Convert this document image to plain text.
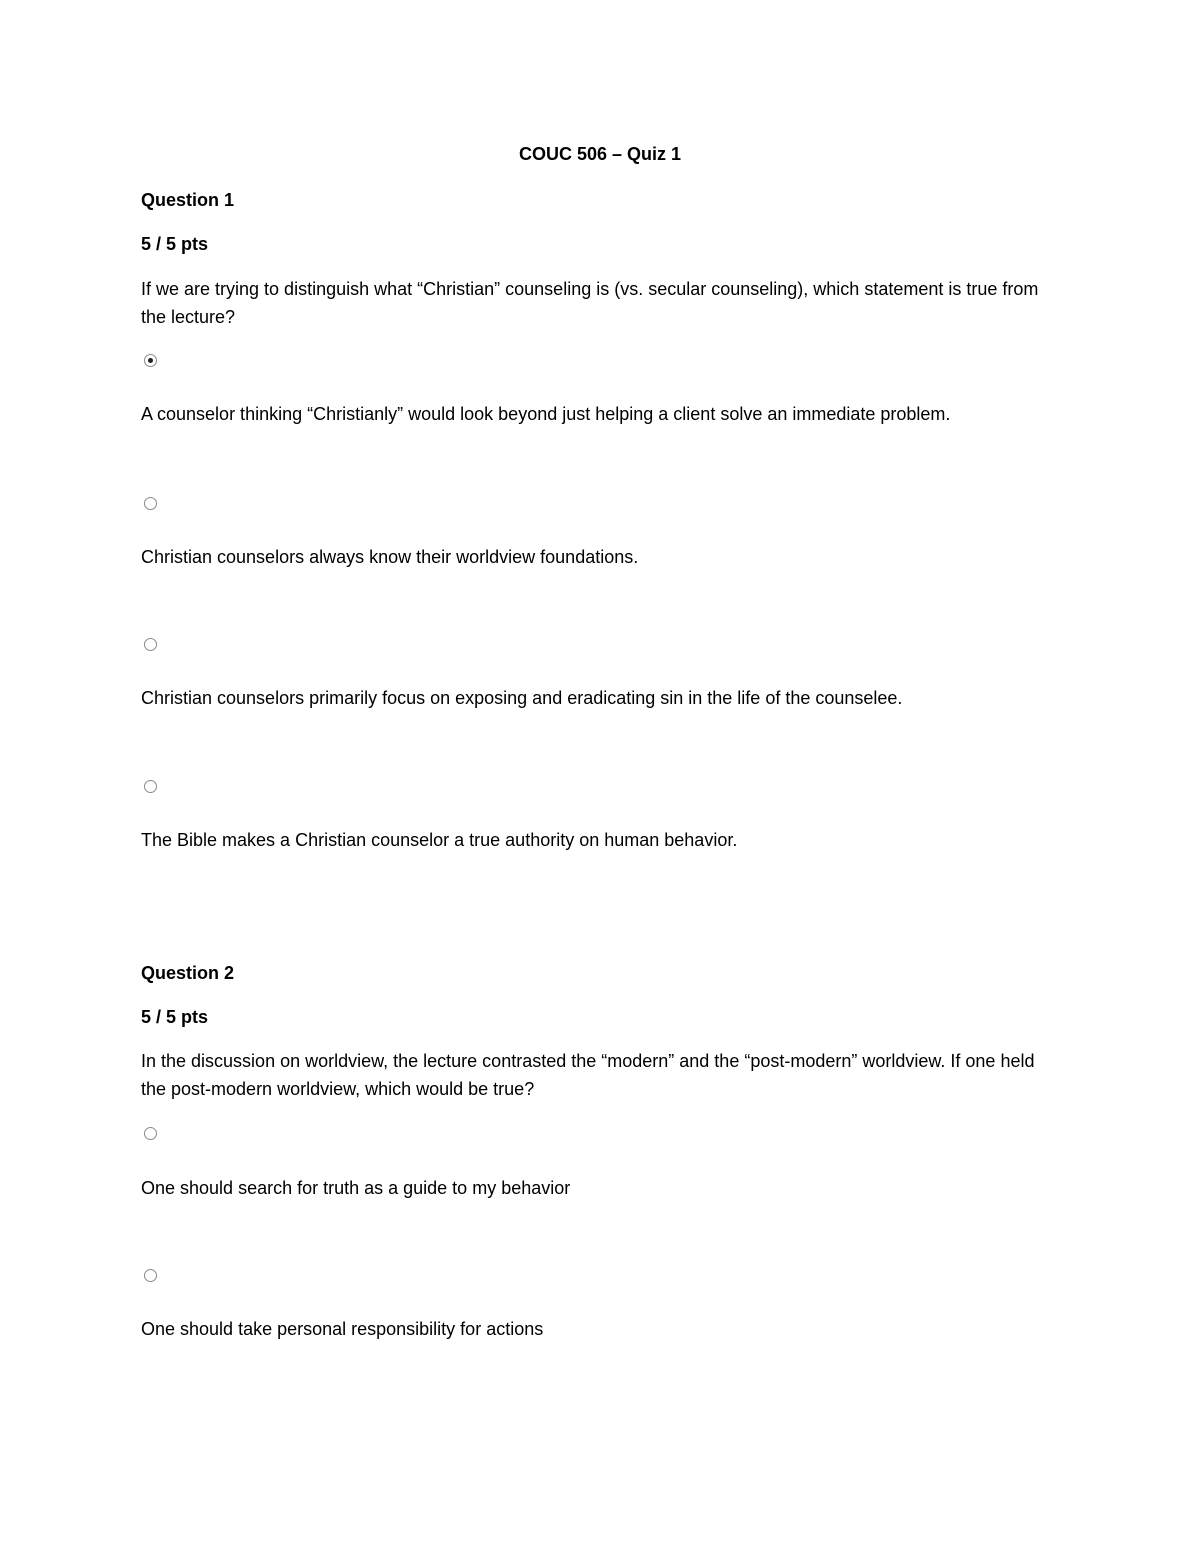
COUC 506 – Quiz 1
Question 1
5 / 5 pts
If we are trying to distinguish what “Christian” counseling is (vs. secular counseling), which statement is true from the lecture?
A counselor thinking “Christianly” would look beyond just helping a client solve an immediate problem.
Christian counselors always know their worldview foundations.
Christian counselors primarily focus on exposing and eradicating sin in the life of the counselee.
The Bible makes a Christian counselor a true authority on human behavior.
Question 2
5 / 5 pts
In the discussion on worldview, the lecture contrasted the “modern” and the “post-modern” worldview. If one held the post-modern worldview, which would be true?
One should search for truth as a guide to my behavior
One should take personal responsibility for actions
